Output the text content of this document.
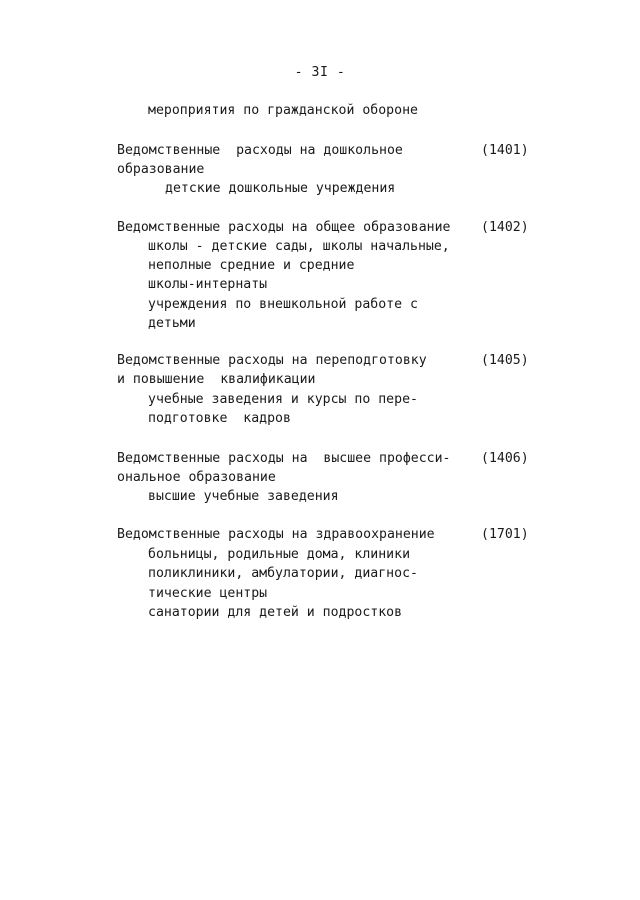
- 3I -
мероприятия по гражданской обороне
Ведомственные  расходы на дошкольное	(1401)
образование
детские дошкольные учреждения
Ведомственные расходы на общее образование (1402)
школы - детские сады, школы начальные,
неполные средние и средние
школы-интернаты
учреждения по внешкольной работе с
детьми
Ведомственные расходы на переподготовку	(1405)
и повышение  квалификации
учебные заведения и курсы по пере-
подготовке  кадров
Ведомственные расходы на  высшее професси- (1406)
ональное образование
высшие учебные заведения
Ведомственные расходы на здравоохранение	(1701)
больницы, родильные дома, клиники
поликлиники, амбулатории, диагнос-
тические центры
санатории для детей и подростков
